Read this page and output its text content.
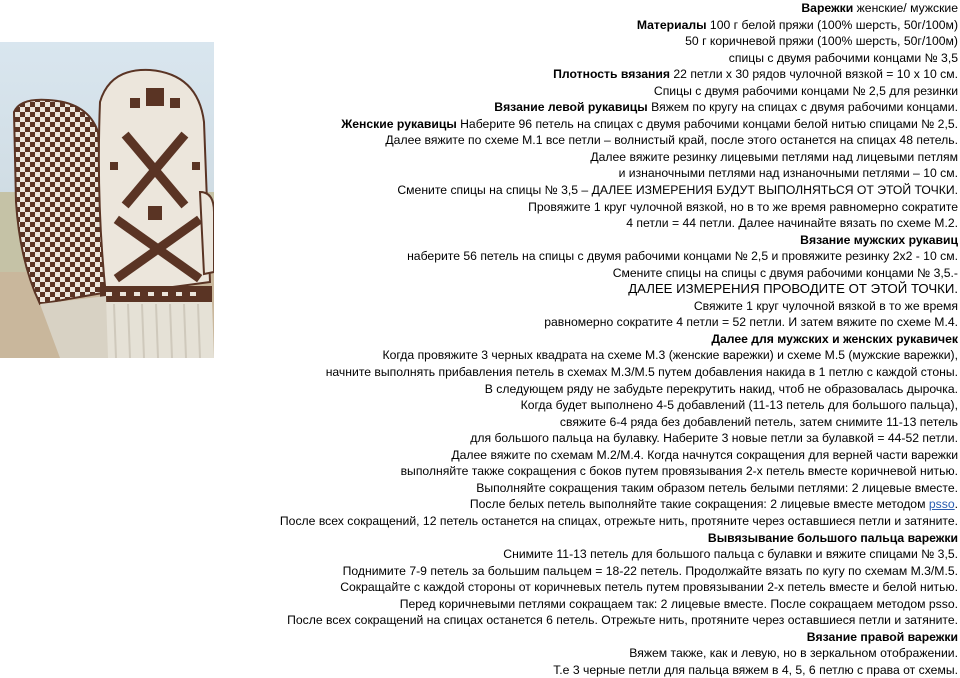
Варежки женские/ мужские
Материалы 100 г белой пряжи (100% шерсть, 50г/100м)
50 г коричневой пряжи (100% шерсть, 50г/100м)
спицы с двумя рабочими концами № 3,5
Плотность вязания 22 петли х 30 рядов чулочной вязкой = 10 х 10 см.
Спицы с двумя рабочими концами № 2,5 для резинки
Вязание левой рукавицы Вяжем по кругу на спицах с двумя рабочими концами.
Женские рукавицы Наберите 96 петель на спицах с двумя рабочими концами белой нитью спицами № 2,5.
Далее вяжите по схеме М.1 все петли – волнистый край, после этого останется на спицах 48 петель.
Далее вяжите резинку лицевыми петлями над лицевыми петлям
и изнаночными петлями над изнаночными петлями – 10 см.
Смените спицы на спицы № 3,5 – ДАЛЕЕ ИЗМЕРЕНИЯ БУДУТ ВЫПОЛНЯТЬСЯ ОТ ЭТОЙ ТОЧКИ.
Провяжите 1 круг чулочной вязкой, но в то же время равномерно сократите
4 петли = 44 петли. Далее начинайте вязать по схеме М.2.
Вязание мужских рукавиц
наберите 56 петель на спицы с двумя рабочими концами № 2,5 и провяжите резинку 2х2 - 10 см.
Смените спицы на спицы с двумя рабочими концами № 3,5.-
ДАЛЕЕ ИЗМЕРЕНИЯ ПРОВОДИТЕ ОТ ЭТОЙ ТОЧКИ.
Свяжите 1 круг чулочной вязкой в то же время
равномерно сократите 4 петли = 52 петли. И затем вяжите по схеме М.4.
Далее для мужских и женских рукавичек
Когда провяжите 3 черных квадрата на схеме М.3 (женские варежки) и схеме М.5 (мужские варежки),
начните выполнять прибавления петель в схемах М.3/М.5 путем добавления накида в 1 петлю с каждой стоны.
В следующем ряду не забудьте перекрутить накид, чтоб не образовалась дырочка.
Когда будет выполнено 4-5 добавлений (11-13 петель для большого пальца),
свяжите 6-4 ряда без добавлений петель, затем снимите 11-13 петель
для большого пальца на булавку. Наберите 3 новые петли за булавкой = 44-52 петли.
Далее вяжите по схемам М.2/М.4. Когда начнутся сокращения для верней части варежки
выполняйте также сокращения с боков путем провязывания 2-х петель вместе коричневой нитью.
Выполняйте сокращения таким образом петель белыми петлями: 2 лицевые вместе.
После белых петель выполняйте такие сокращения: 2 лицевые вместе методом psso.
После всех сокращений, 12 петель останется на спицах, отрежьте нить, протяните через оставшиеся петли и затяните.
Вывязывание большого пальца варежки
Снимите 11-13 петель для большого пальца с булавки и вяжите спицами № 3,5.
Поднимите 7-9 петель за большим пальцем = 18-22 петель. Продолжайте вязать по кугу по схемам М.3/М.5.
Сокращайте с каждой стороны от коричневых петель путем провязывании 2-х петель вместе и белой нитью.
Перед коричневыми петлями сокращаем так: 2 лицевые вместе. После сокращаем методом psso.
После всех сокращений на спицах останется 6 петель. Отрежьте нить, протяните через оставшиеся петли и затяните.
Вязание правой варежки
Вяжем также, как и левую, но в зеркальном отображении.
Т.е 3 черные петли для пальца вяжем в 4, 5, 6 петлю с права от схемы.
